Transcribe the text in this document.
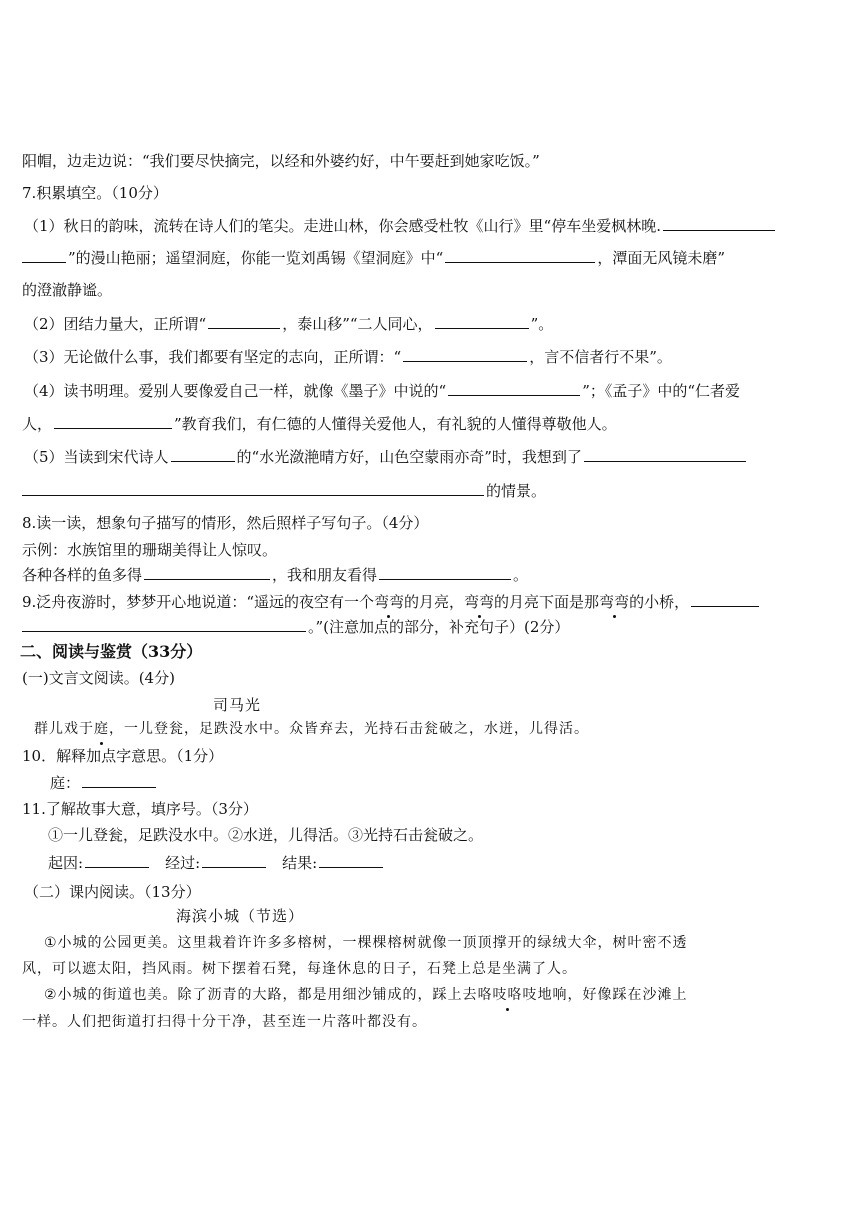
阳帽，边走边说：“我们要尽快摘完，以经和外婆约好，中午要赶到她家吃饭。”
7.积累填空。（10分）
（1）秋日的韵味，流转在诗人们的笔尖。走进山林，你会感受杜牧《山行》里“停车坐爱枫林晚.
”的漫山艳丽；遥望洞庭，你能一览刘禹锡《望洞庭》中“	，潭面无风镜未磨”
的澄澈静谧。
（2）团结力量大，正所谓“	，泰山移”“二人同心，	”。
（3）无论做什么事，我们都要有坚定的志向，正所谓：“	，言不信者行不果”。
（4）读书明理。爱别人要像爱自己一样，就像《墨子》中说的“	”；《孟子》中的“仁者爱
人，	”教育我们，有仁德的人懂得关爱他人，有礼貌的人懂得尊敬他人。
（5）当读到宋代诗人	的“水光潋滟晴方好，山色空蒙雨亦奇”时，我想到了
的情景。
8.读一读，想象句子描写的情形，然后照样子写句子。（4分）
示例：水族馆里的珊瑚美得让人惊叹。
各种各样的鱼多得	，我和朋友看得	。
9.泛舟夜游时，梦梦开心地说道：“遥远的夜空有一个弯弯的月亮，弯弯的月亮下面是那弯弯的小桥，
。”(注意加点的部分，补充句子）(2分）
二、阅读与鉴赏（33分）
(一)文言文阅读。(4分)
司马光
群儿戏于庭，一儿登瓮，足跌没水中。众皆弃去，光持石击瓮破之，水迸，儿得活。
10．解释加点字意思。（1分）
庭：
11.了解故事大意，填序号。（3分）
①一儿登瓮，足跌没水中。②水迸，儿得活。③光持石击瓮破之。
起因:	经过:	结果:
（二）课内阅读。（13分）
海滨小城（节选）
①小城的公园更美。这里栽着许许多多榕树，一棵棵榕树就像一顶顶撑开的绿绒大伞，树叶密不透
风，可以遮太阳，挡风雨。树下摆着石凳，每逢休息的日子，石凳上总是坐满了人。
②小城的街道也美。除了沥青的大路，都是用细沙铺成的，踩上去咯吱咯吱地响，好像踩在沙滩上
一样。人们把街道打扫得十分干净，甚至连一片落叶都没有。
